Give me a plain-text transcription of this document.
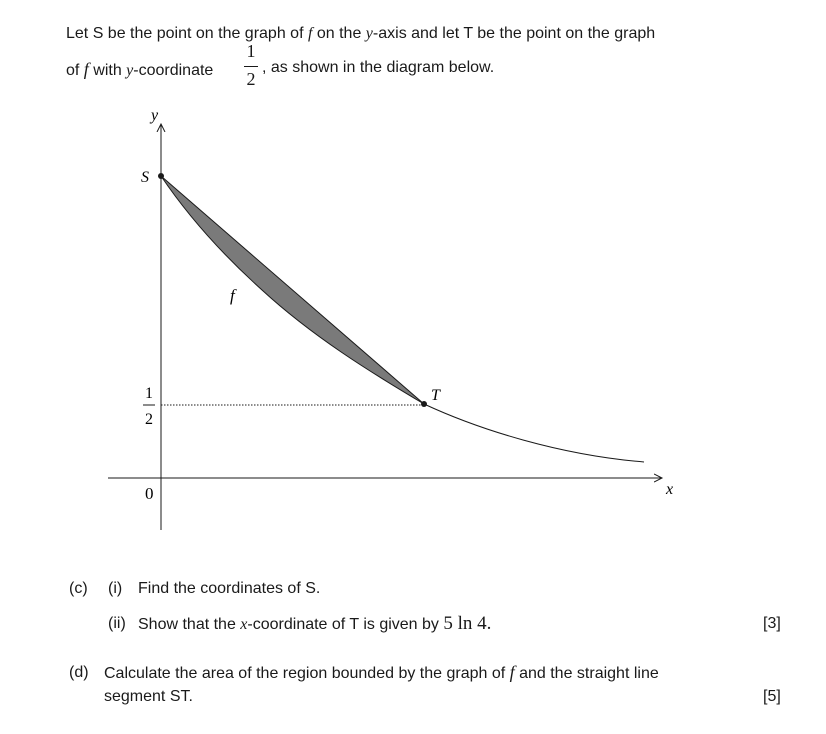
Let S be the point on the graph of f on the y-axis and let T be the point on the graph
of f with y-coordinate
1
2
, as shown in the diagram below.
y
x
S
T
f
0
1
2
(c) (i) Find the coordinates of S.
(ii) Show that the x-coordinate of T is given by 5 ln 4.	[3]
(d) Calculate the area of the region bounded by the graph of f and the straight line
segment ST.	[5]
